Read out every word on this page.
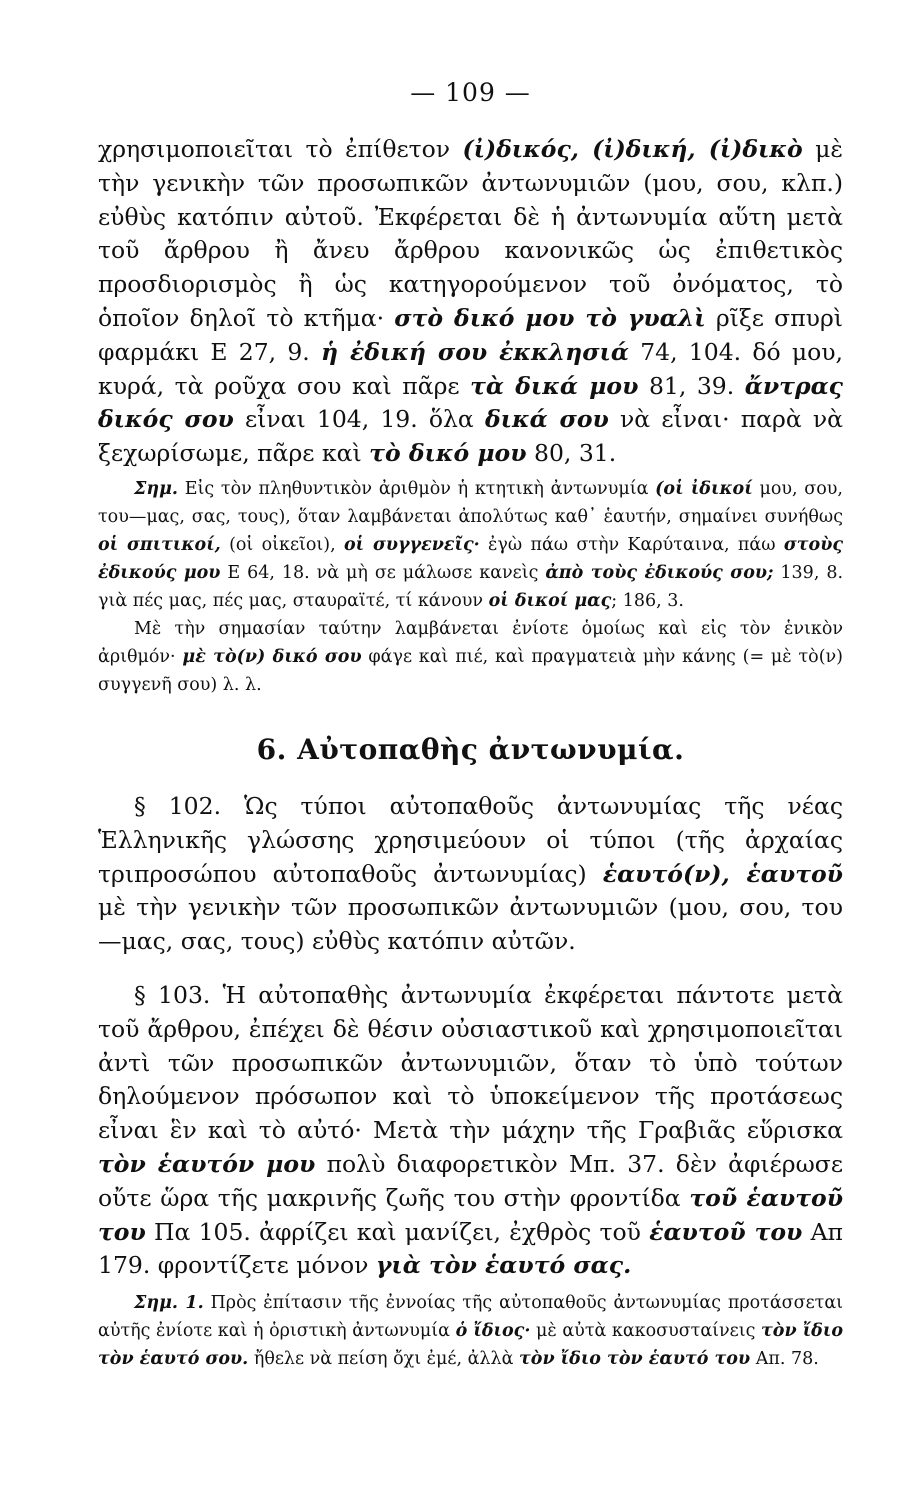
— 109 —

χρησιμοποιεῖται τὸ ἐπίθετον (ἰ)δικός, (ἰ)δική, (ἰ)δικὸ μὲ τὴν γενικὴν τῶν προσωπικῶν ἀντωνυμιῶν (μου, σου, κλπ.) εὐθὺς κατόπιν αὐτοῦ. Ἐκφέρεται δὲ ἡ ἀντωνυμία αὕτη μετὰ τοῦ ἄρθρου ἢ ἄνευ ἄρθρου κανονικῶς ὡς ἐπιθετικὸς προσδιορισμὸς ἢ ὡς κατηγορούμενον τοῦ ὀνόματος, τὸ ὁποῖον δηλοῖ τὸ κτῆμα· στὸ δικό μου τὸ γυαλὶ ρῖξε σπυρὶ φαρμάκι Ε 27, 9. ἡ ἐδική σου ἐκκλησιά 74, 104. δό μου, κυρά, τὰ ροῦχα σου καὶ πᾶρε τὰ δικά μου 81, 39. ἄντρας δικός σου εἶναι 104, 19. ὅλα δικά σου νὰ εἶναι· παρὰ νὰ ξεχωρίσωμε, πᾶρε καὶ τὸ δικό μου 80, 31.

Σημ. Εἰς τὸν πληθυντικὸν ἀριθμὸν ἡ κτητικὴ ἀντωνυμία (οἱ ἰδικοί μου, σου, του—μας, σας, τους), ὅταν λαμβάνεται ἀπολύτως καθ᾽ ἑαυτήν, σημαίνει συνήθως οἱ σπιτικοί, (οἱ οἰκεῖοι), οἱ συγγενεῖς· ἐγὼ πάω στὴν Καρύταινα, πάω στοὺς ἐδικούς μου Ε 64, 18. νὰ μὴ σε μάλωσε κανεὶς ἀπὸ τοὺς ἐδικούς σου; 139, 8. γιὰ πές μας, πές μας, σταυραϊτέ, τί κάνουν οἱ δικοί μας; 186, 3.

Μὲ τὴν σημασίαν ταύτην λαμβάνεται ἐνίοτε ὁμοίως καὶ εἰς τὸν ἑνικὸν ἀριθμόν· μὲ τὸ(ν) δικό σου φάγε καὶ πιέ, καὶ πραγματειὰ μὴν κάνης (= μὲ τὸ(ν) συγγενῆ σου) λ. λ.

6. Αὐτοπαθὴς ἀντωνυμία.

§ 102. Ὡς τύποι αὐτοπαθοῦς ἀντωνυμίας τῆς νέας Ἑλληνικῆς γλώσσης χρησιμεύουν οἱ τύποι (τῆς ἀρχαίας τριπροσώπου αὐτοπαθοῦς ἀντωνυμίας) ἑαυτό(ν), ἑαυτοῦ μὲ τὴν γενικὴν τῶν προσωπικῶν ἀντωνυμιῶν (μου, σου, του—μας, σας, τους) εὐθὺς κατόπιν αὐτῶν.

§ 103. Ἡ αὐτοπαθὴς ἀντωνυμία ἐκφέρεται πάντοτε μετὰ τοῦ ἄρθρου, ἐπέχει δὲ θέσιν οὐσιαστικοῦ καὶ χρησιμοποιεῖται ἀντὶ τῶν προσωπικῶν ἀντωνυμιῶν, ὅταν τὸ ὑπὸ τούτων δηλούμενον πρόσωπον καὶ τὸ ὑποκείμενον τῆς προτάσεως εἶναι ἓν καὶ τὸ αὐτό· Μετὰ τὴν μάχην τῆς Γραβιᾶς εὕρισκα τὸν ἑαυτόν μου πολὺ διαφορετικὸν Μπ. 37. δὲν ἀφιέρωσε οὔτε ὥρα τῆς μακρινῆς ζωῆς του στὴν φροντίδα τοῦ ἑαυτοῦ του Πα 105. ἀφρίζει καὶ μανίζει, ἐχθρὸς τοῦ ἑαυτοῦ του Απ 179. φροντίζετε μόνον γιὰ τὸν ἑαυτό σας.

Σημ. 1. Πρὸς ἐπίτασιν τῆς ἐννοίας τῆς αὐτοπαθοῦς ἀντωνυμίας προτάσσεται αὐτῆς ἐνίοτε καὶ ἡ ὁριστικὴ ἀντωνυμία ὁ ἴδιος· μὲ αὐτὰ κακοσυσταίνεις τὸν ἴδιο τὸν ἑαυτό σου. ἤθελε νὰ πείση ὄχι ἐμέ, ἀλλὰ τὸν ἴδιο τὸν ἑαυτό του Απ. 78.
